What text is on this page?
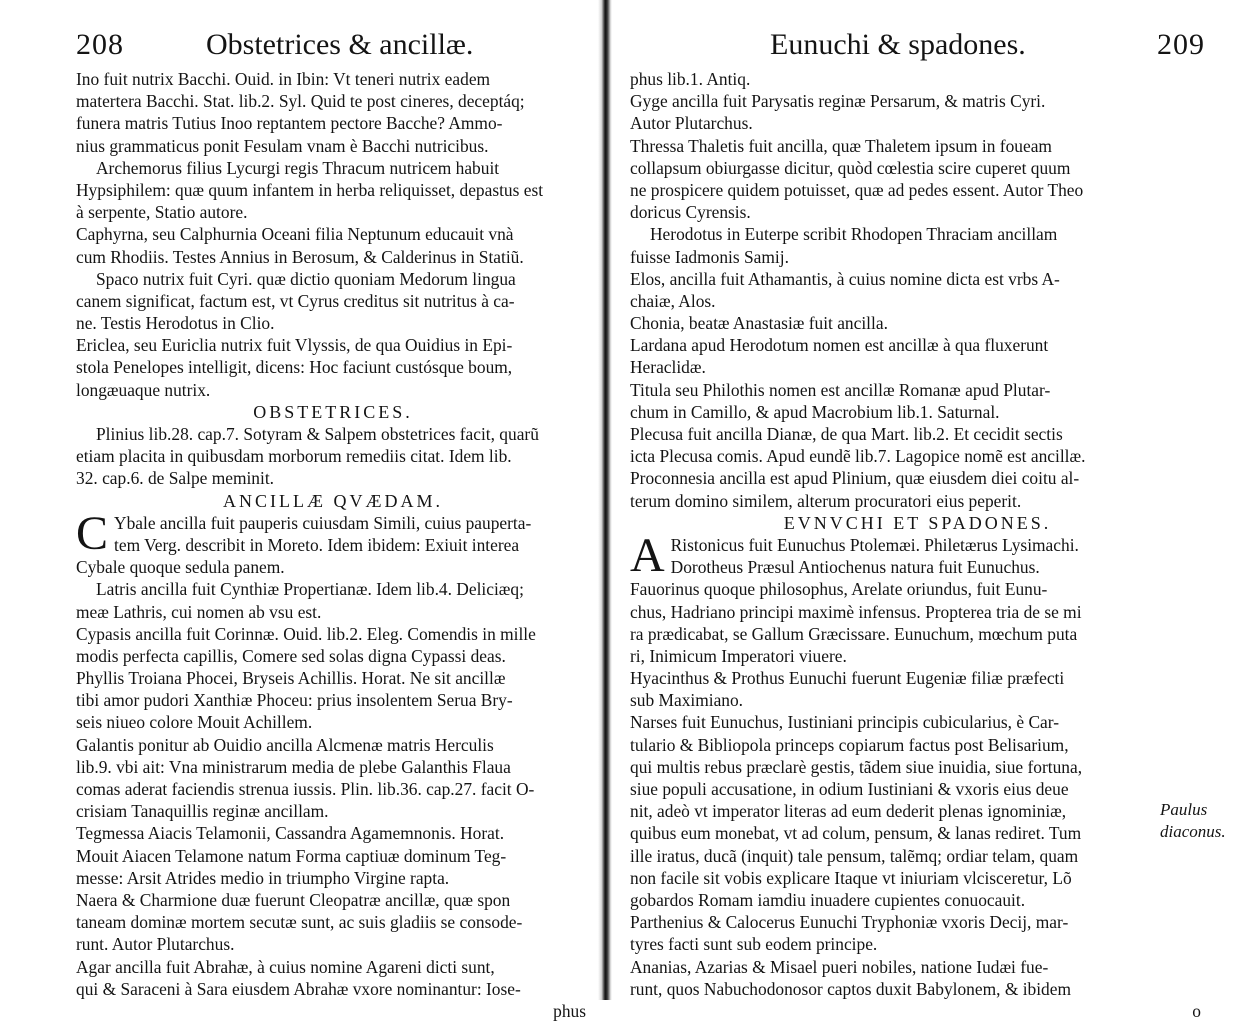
208	Obstetrices & ancillæ.
Ino fuit nutrix Bacchi. Ouid. in Ibin: Vt teneri nutrix eadem
matertera Bacchi. Stat. lib.2. Syl. Quid te post cineres, deceptáq;
funera matris Tutius Inoo reptantem pectore Bacche? Ammo-
nius grammaticus ponit Fesulam vnam è Bacchi nutricibus.
Archemorus filius Lycurgi regis Thracum nutricem habuit
Hypsiphilem: quæ quum infantem in herba reliquisset, depastus est
à serpente, Statio autore.
Caphyrna, seu Calphurnia Oceani filia Neptunum educauit vnà
cum Rhodiis. Testes Annius in Berosum, & Calderinus in Statiũ.
Spaco nutrix fuit Cyri. quæ dictio quoniam Medorum lingua
canem significat, factum est, vt Cyrus creditus sit nutritus à ca-
ne. Testis Herodotus in Clio.
Ericlea, seu Euriclia nutrix fuit Vlyssis, de qua Ouidius in Epi-
stola Penelopes intelligit, dicens: Hoc faciunt custósque boum,
longæuaque nutrix.
OBSTETRICES.
Plinius lib.28. cap.7. Sotyram & Salpem obstetrices facit, quarũ
etiam placita in quibusdam morborum remediis citat. Idem lib.
32. cap.6. de Salpe meminit.
ANCILLÆ QVÆDAM.
C Ybale ancilla fuit pauperis cuiusdam Simili, cuius pauperta-
tem Verg. describit in Moreto. Idem ibidem: Exiuit interea
Cybale quoque sedula panem.
Latris ancilla fuit Cynthiæ Propertianæ. Idem lib.4. Deliciæq;
meæ Lathris, cui nomen ab vsu est.
Cypasis ancilla fuit Corinnæ. Ouid. lib.2. Eleg. Comendis in mille
modis perfecta capillis, Comere sed solas digna Cypassi deas.
Phyllis Troiana Phocei, Bryseis Achillis. Horat. Ne sit ancillæ
tibi amor pudori Xanthiæ Phoceu: prius insolentem Serua Bry-
seis niueo colore Mouit Achillem.
Galantis ponitur ab Ouidio ancilla Alcmenæ matris Herculis
lib.9. vbi ait: Vna ministrarum media de plebe Galanthis Flaua
comas aderat faciendis strenua iussis. Plin. lib.36. cap.27. facit O-
crisiam Tanaquillis reginæ ancillam.
Tegmessa Aiacis Telamonii, Cassandra Agamemnonis. Horat.
Mouit Aiacen Telamone natum Forma captiuæ dominum Teg-
messe: Arsit Atrides medio in triumpho Virgine rapta.
Naera & Charmione duæ fuerunt Cleopatræ ancillæ, quæ spon
taneam dominæ mortem secutæ sunt, ac suis gladiis se consode-
runt. Autor Plutarchus.
Agar ancilla fuit Abrahæ, à cuius nomine Agareni dicti sunt,
qui & Saraceni à Sara eiusdem Abrahæ vxore nominantur: Iose-
phus
Eunuchi & spadones.	209
phus lib.1. Antiq.
Gyge ancilla fuit Parysatis reginæ Persarum, & matris Cyri.
Autor Plutarchus.
Thressa Thaletis fuit ancilla, quæ Thaletem ipsum in foueam
collapsum obiurgasse dicitur, quòd cœlestia scire cuperet quum
ne prospicere quidem potuisset, quæ ad pedes essent. Autor Theo
doricus Cyrensis.
Herodotus in Euterpe scribit Rhodopen Thraciam ancillam
fuisse Iadmonis Samij.
Elos, ancilla fuit Athamantis, à cuius nomine dicta est vrbs A-
chaiæ, Alos.
Chonia, beatæ Anastasiæ fuit ancilla.
Lardana apud Herodotum nomen est ancillæ à qua fluxerunt
Heraclidæ.
Titula seu Philothis nomen est ancillæ Romanæ apud Plutar-
chum in Camillo, & apud Macrobium lib.1. Saturnal.
Plecusa fuit ancilla Dianæ, de qua Mart. lib.2. Et cecidit sectis
icta Plecusa comis. Apud eundẽ lib.7. Lagopice nomẽ est ancillæ.
Proconnesia ancilla est apud Plinium, quæ eiusdem diei coitu al-
terum domino similem, alterum procuratori eius peperit.
EVNVCHI ET SPADONES.
A Ristonicus fuit Eunuchus Ptolemæi. Philetærus Lysimachi.
Dorotheus Præsul Antiochenus natura fuit Eunuchus.
Fauorinus quoque philosophus, Arelate oriundus, fuit Eunu-
chus, Hadriano principi maximè infensus. Propterea tria de se mi
ra prædicabat, se Gallum Græcissare. Eunuchum, mœchum puta
ri, Inimicum Imperatori viuere.
Hyacinthus & Prothus Eunuchi fuerunt Eugeniæ filiæ præfecti
sub Maximiano.
Narses fuit Eunuchus, Iustiniani principis cubicularius, è Car-
tulario & Bibliopola princeps copiarum factus post Belisarium,
qui multis rebus præclarè gestis, tãdem siue inuidia, siue fortuna,
siue populi accusatione, in odium Iustiniani & vxoris eius deue
nit, adeò vt imperator literas ad eum dederit plenas ignominiæ,
quibus eum monebat, vt ad colum, pensum, & lanas rediret. Tum
ille iratus, ducã (inquit) tale pensum, talẽmq; ordiar telam, quam
non facile sit vobis explicare Itaque vt iniuriam vlcisceretur, Lõ
gobardos Romam iamdiu inuadere cupientes conuocauit.
Parthenius & Calocerus Eunuchi Tryphoniæ vxoris Decij, mar-
tyres facti sunt sub eodem principe.
Ananias, Azarias & Misael pueri nobiles, natione Iudæi fue-
runt, quos Nabuchodonosor captos duxit Babylonem, & ibidem
o
Paulus
diaconus.
